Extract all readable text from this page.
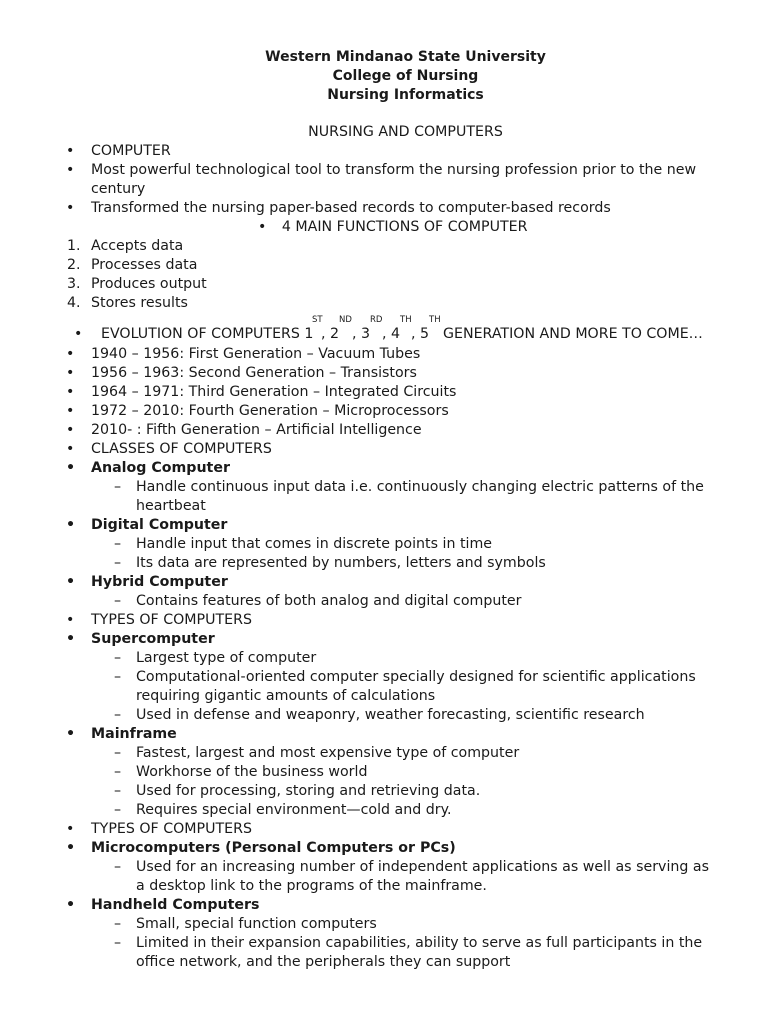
Western Mindanao State University
College of Nursing
Nursing Informatics
NURSING AND COMPUTERS
• COMPUTER
• Most powerful technological tool to transform the nursing profession prior to the new
century
• Transformed the nursing paper-based records to computer-based records
• 4 MAIN FUNCTIONS OF COMPUTER
1. Accepts data
2. Processes data
3. Produces output
4. Stores results
ST ND RD TH TH
• EVOLUTION OF COMPUTERS 1 , 2 , 3 , 4 , 5 GENERATION AND MORE TO COME…
• 1940 – 1956: First Generation – Vacuum Tubes
• 1956 – 1963: Second Generation – Transistors
• 1964 – 1971: Third Generation – Integrated Circuits
• 1972 – 2010: Fourth Generation – Microprocessors
• 2010- : Fifth Generation – Artificial Intelligence
• CLASSES OF COMPUTERS
• Analog Computer
– Handle continuous input data i.e. continuously changing electric patterns of the
heartbeat
• Digital Computer
– Handle input that comes in discrete points in time
– Its data are represented by numbers, letters and symbols
• Hybrid Computer
– Contains features of both analog and digital computer
• TYPES OF COMPUTERS
• Supercomputer
– Largest type of computer
– Computational-oriented computer specially designed for scientific applications
requiring gigantic amounts of calculations
– Used in defense and weaponry, weather forecasting, scientific research
• Mainframe
– Fastest, largest and most expensive type of computer
– Workhorse of the business world
– Used for processing, storing and retrieving data.
– Requires special environment—cold and dry.
• TYPES OF COMPUTERS
• Microcomputers (Personal Computers or PCs)
– Used for an increasing number of independent applications as well as serving as
a desktop link to the programs of the mainframe.
• Handheld Computers
– Small, special function computers
– Limited in their expansion capabilities, ability to serve as full participants in the
office network, and the peripherals they can support
